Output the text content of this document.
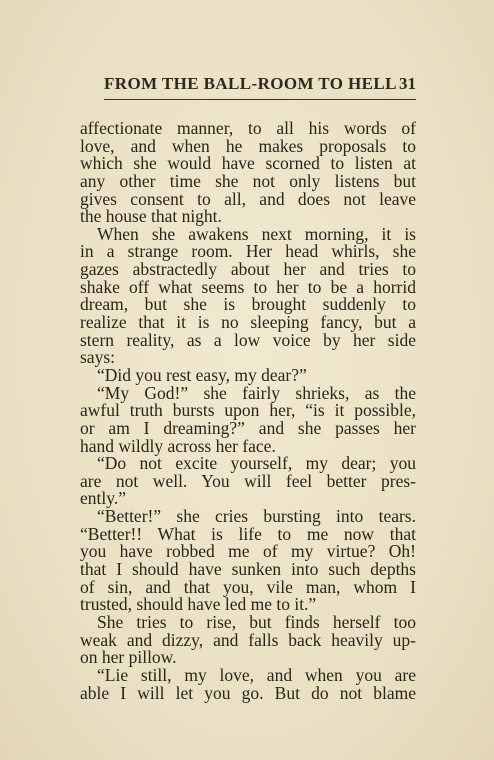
FROM THE BALL-ROOM TO HELL 31
affectionate manner, to all his words of
love, and when he makes proposals to
which she would have scorned to listen at
any other time she not only listens but
gives consent to all, and does not leave
the house that night.
When she awakens next morning, it is
in a strange room. Her head whirls, she
gazes abstractedly about her and tries to
shake off what seems to her to be a horrid
dream, but she is brought suddenly to
realize that it is no sleeping fancy, but a
stern reality, as a low voice by her side
says:
“Did you rest easy, my dear?”
“My God!” she fairly shrieks, as the
awful truth bursts upon her, “is it possible,
or am I dreaming?” and she passes her
hand wildly across her face.
“Do not excite yourself, my dear; you
are not well. You will feel better pres-
ently.”
“Better!” she cries bursting into tears.
“Better!! What is life to me now that
you have robbed me of my virtue? Oh!
that I should have sunken into such depths
of sin, and that you, vile man, whom I
trusted, should have led me to it.”
She tries to rise, but finds herself too
weak and dizzy, and falls back heavily up-
on her pillow.
“Lie still, my love, and when you are
able I will let you go. But do not blame
